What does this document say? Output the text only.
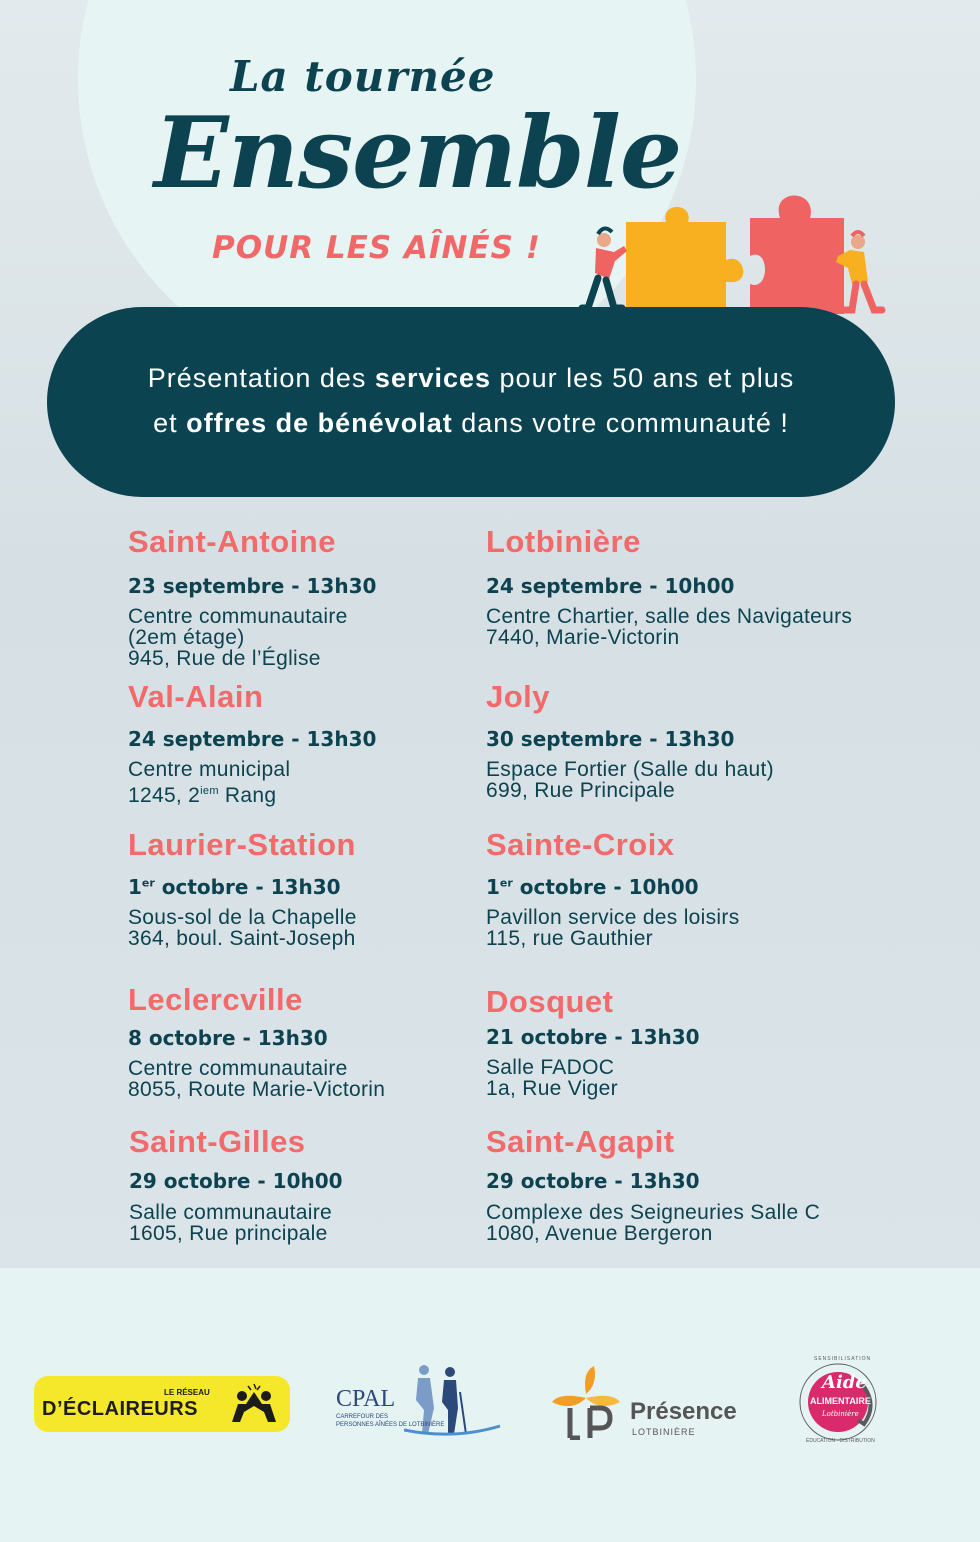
La tournée
Ensemble
POUR LES AÎNÉS !
Présentation des services pour les 50 ans et plus
et offres de bénévolat dans votre communauté !
Saint-Antoine
23 septembre - 13h30
Centre communautaire
(2em étage)
945, Rue de l’Église
Val-Alain
24 septembre - 13h30
Centre municipal
1245, $2^{iem}$ Rang
Laurier-Station
1er octobre - 13h30
Sous-sol de la Chapelle
364, boul. Saint-Joseph
Leclercville
8 octobre - 13h30
Centre communautaire
8055, Route Marie-Victorin
Saint-Gilles
29 octobre - 10h00
Salle communautaire
1605, Rue principale
Lotbinière
24 septembre - 10h00
Centre Chartier, salle des Navigateurs
7440, Marie-Victorin
Joly
30 septembre - 13h30
Espace Fortier (Salle du haut)
699, Rue Principale
Sainte-Croix
1er octobre - 10h00
Pavillon service des loisirs
115, rue Gauthier
Dosquet
21 octobre - 13h30
Salle FADOC
1a, Rue Viger
Saint-Agapit
29 octobre - 13h30
Complexe des Seigneuries Salle C
1080, Avenue Bergeron
LE RÉSEAU
D’ÉCLAIREURS	CPAL
CARREFOUR DES
PERSONNES AÎNÉES DE LOTBINIÈRE	Présence
LOTBINIÈRE
Aide
ALIMENTAIRE
Lotbinière
SENSIBILISATION
ÉDUCATION · DISTRIBUTION
